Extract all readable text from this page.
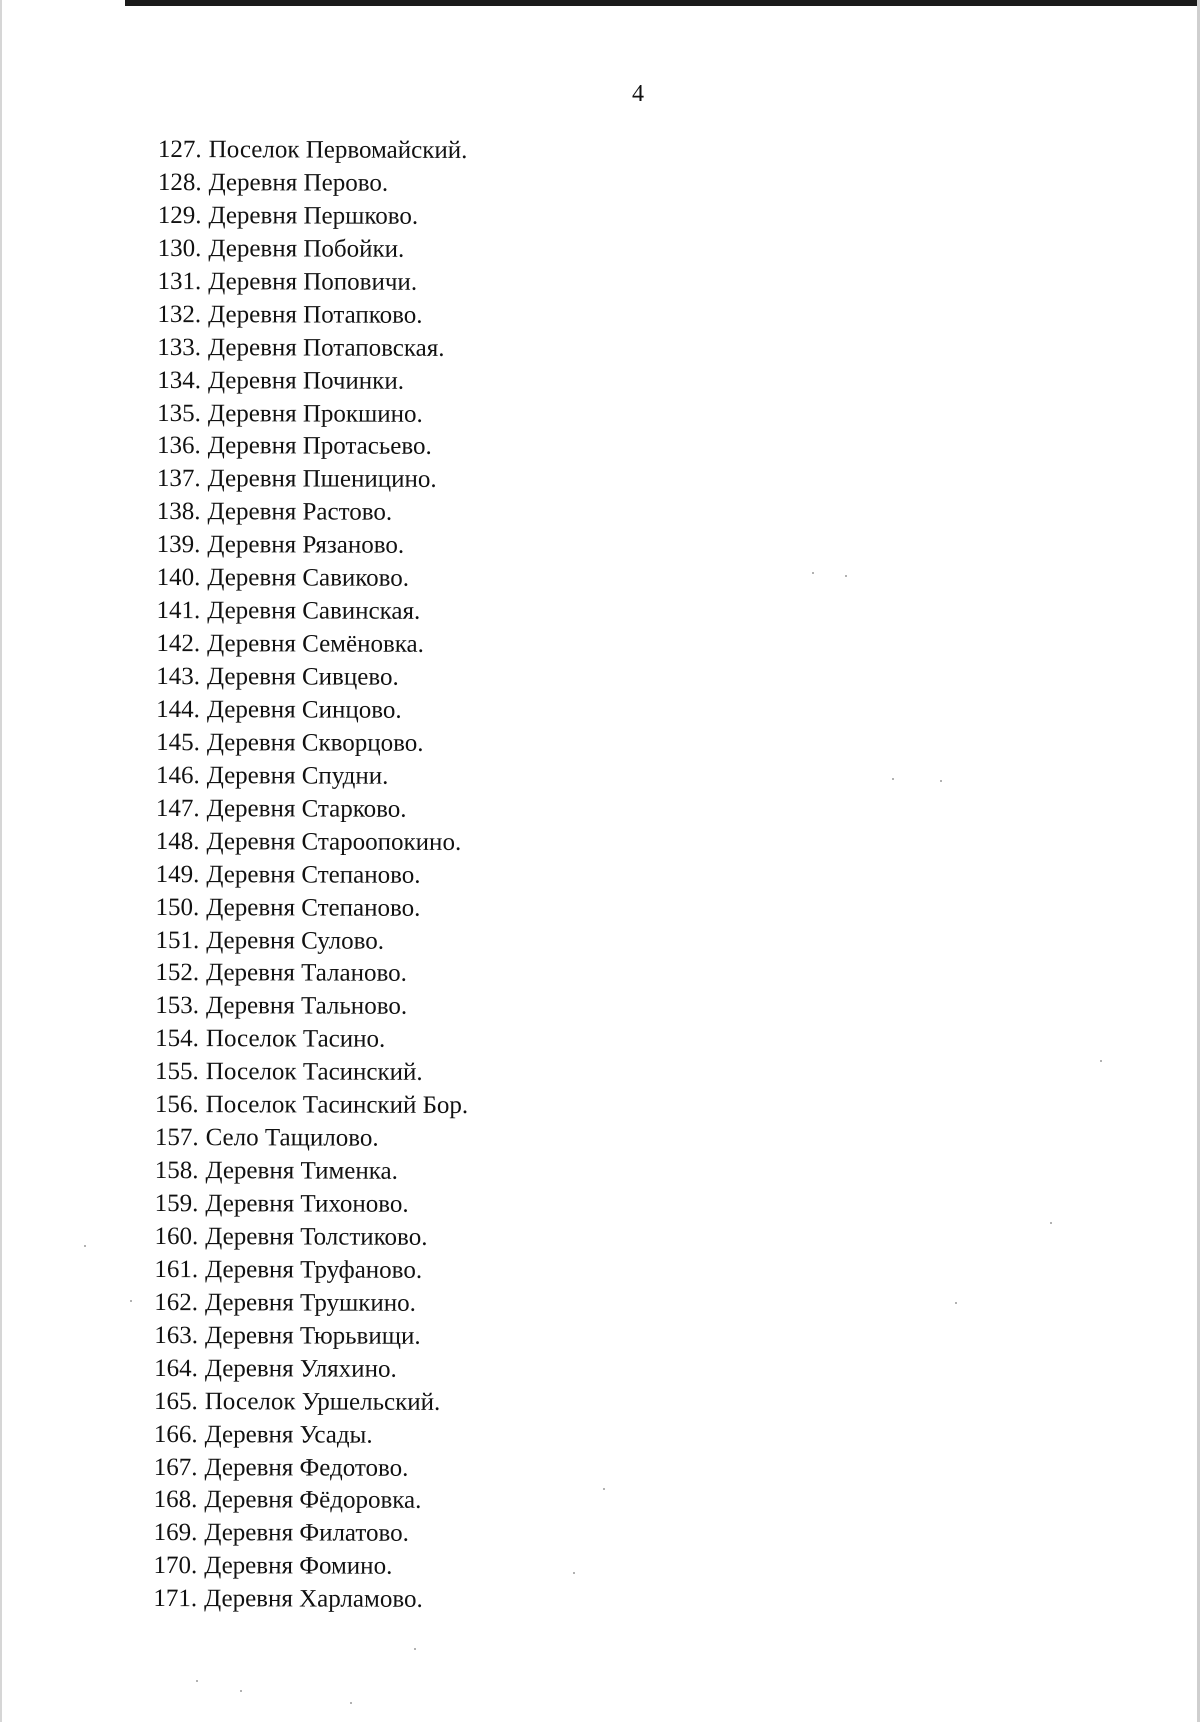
4
127. Поселок Первомайский.
128. Деревня Перово.
129. Деревня Першково.
130. Деревня Побойки.
131. Деревня Поповичи.
132. Деревня Потапково.
133. Деревня Потаповская.
134. Деревня Починки.
135. Деревня Прокшино.
136. Деревня Протасьево.
137. Деревня Пшеницино.
138. Деревня Растово.
139. Деревня Рязаново.
140. Деревня Савиково.
141. Деревня Савинская.
142. Деревня Семёновка.
143. Деревня Сивцево.
144. Деревня Синцово.
145. Деревня Скворцово.
146. Деревня Спудни.
147. Деревня Старково.
148. Деревня Староопокино.
149. Деревня Степаново.
150. Деревня Степаново.
151. Деревня Сулово.
152. Деревня Таланово.
153. Деревня Тальново.
154. Поселок Тасино.
155. Поселок Тасинский.
156. Поселок Тасинский Бор.
157. Село Тащилово.
158. Деревня Тименка.
159. Деревня Тихоново.
160. Деревня Толстиково.
161. Деревня Труфаново.
162. Деревня Трушкино.
163. Деревня Тюрьвищи.
164. Деревня Уляхино.
165. Поселок Уршельский.
166. Деревня Усады.
167. Деревня Федотово.
168. Деревня Фёдоровка.
169. Деревня Филатово.
170. Деревня Фомино.
171. Деревня Харламово.
